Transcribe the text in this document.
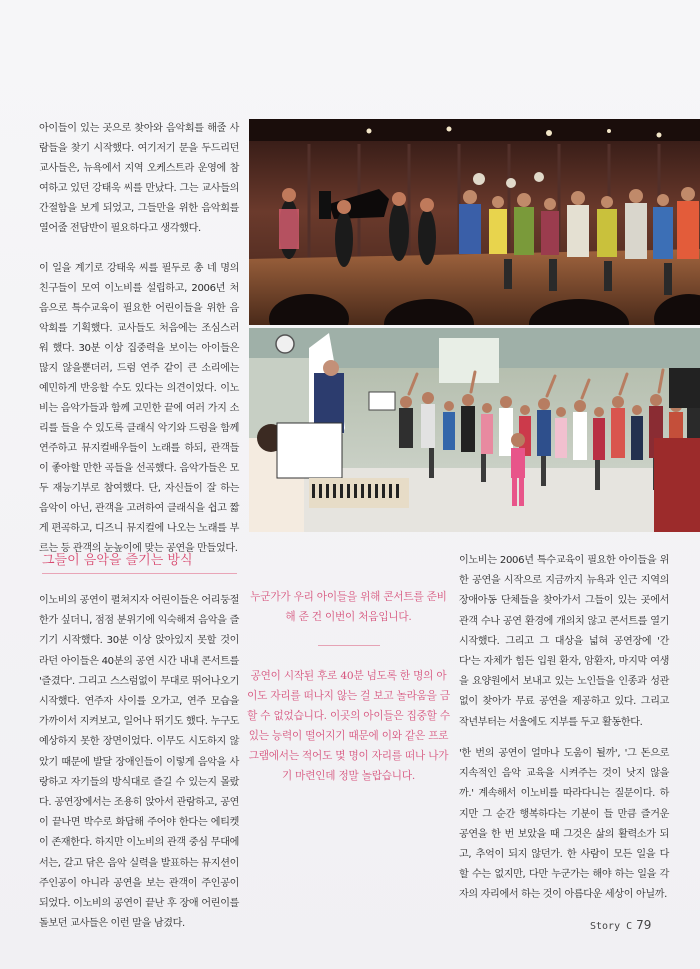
아이들이 있는 곳으로 찾아와 음악회를 해줄 사람들을 찾기 시작했다. 여기저기 문을 두드리던 교사들은, 뉴욕에서 지역 오케스트라 운영에 참여하고 있던 강태욱 씨를 만났다. 그는 교사들의 간절함을 보게 되었고, 그들만을 위한 음악회를 열어줄 전담반이 필요하다고 생각했다.
이 일을 계기로 강태욱 씨를 필두로 총 네 명의 친구들이 모여 이노비를 설립하고, 2006년 처음으로 특수교육이 필요한 어린이들을 위한 음악회를 기획했다. 교사들도 처음에는 조심스러워 했다. 30분 이상 집중력을 보이는 아이들은 많지 않을뿐더러, 드럼 연주 같이 큰 소리에는 예민하게 반응할 수도 있다는 의견이었다. 이노비는 음악가들과 함께 고민한 끝에 여러 가지 소리를 들을 수 있도록 클래식 악기와 드럼을 함께 연주하고 뮤지컬배우들이 노래를 하되, 관객들이 좋아할 만한 곡들을 선곡했다. 음악가들은 모두 재능기부로 참여했다. 단, 자신들이 잘 하는 음악이 아닌, 관객을 고려하여 클래식을 쉽고 짧게 편곡하고, 디즈니 뮤지컬에 나오는 노래를 부르는 등 관객의 눈높이에 맞는 공연을 만들었다.
그들이 음악을 즐기는 방식
이노비의 공연이 펼쳐지자 어린이들은 어리둥절한가 싶더니, 점점 분위기에 익숙해져 음악을 즐기기 시작했다. 30분 이상 앉아있지 못할 것이라던 아이들은 40분의 공연 시간 내내 콘서트를 '즐겼다'. 그리고 스스럼없이 무대로 뛰어나오기 시작했다. 연주자 사이를 오가고, 연주 모습을 가까이서 지켜보고, 일어나 뛰기도 했다. 누구도 예상하지 못한 장면이었다. 이무도 시도하지 않았기 때문에 발달 장애인들이 이렇게 음악을 사랑하고 자기들의 방식대로 즐길 수 있는지 몰랐다. 공연장에서는 조용히 앉아서 관람하고, 공연이 끝나면 박수로 화답해 주어야 한다는 에티켓이 존재한다. 하지만 이노비의 관객 중심 무대에서는, 갈고 닦은 음악 실력을 발표하는 뮤지션이 주인공이 아니라 공연을 보는 관객이 주인공이 되었다. 이노비의 공연이 끝난 후 장애 어린이를 돌보던 교사들은 이런 말을 남겼다.
누군가가 우리 아이들을 위해 콘서트를 준비해 준 건 이번이 처음입니다.
공연이 시작된 후로 40분 넘도록 한 명의 아이도 자리를 떠나지 않는 걸 보고 놀라움을 금할 수 없었습니다. 이곳의 아이들은 집중할 수 있는 능력이 떨어지기 때문에 이와 같은 프로그램에서는 적어도 몇 명이 자리를 떠나 나가기 마련인데 정말 놀랍습니다.
이노비는 2006년 특수교육이 필요한 아이들을 위한 공연을 시작으로 지금까지 뉴욕과 인근 지역의 장애아동 단체들을 찾아가서 그들이 있는 곳에서 관객 수나 공연 환경에 개의치 않고 콘서트를 열기 시작했다. 그리고 그 대상을 넓혀 공연장에 '간다'는 자체가 힘든 입원 환자, 암환자, 마지막 여생을 요양원에서 보내고 있는 노인들을 인종과 성관없이 찾아가 무료 공연을 제공하고 있다. 그리고 작년부터는 서울에도 지부를 두고 활동한다.
'한 번의 공연이 얼마나 도움이 될까', '그 돈으로 지속적인 음악 교육을 시켜주는 것이 낫지 않을까.' 계속해서 이노비를 따라다니는 질문이다. 하지만 그 순간 행복하다는 기분이 들 만큼 즐거운 공연을 한 번 보았을 때 그것은 삶의 활력소가 되고, 추억이 되지 않던가. 한 사람이 모든 일을 다 할 수는 없지만, 다만 누군가는 해야 하는 일을 각자의 자리에서 하는 것이 아름다운 세상이 아닐까.
Story C 79
